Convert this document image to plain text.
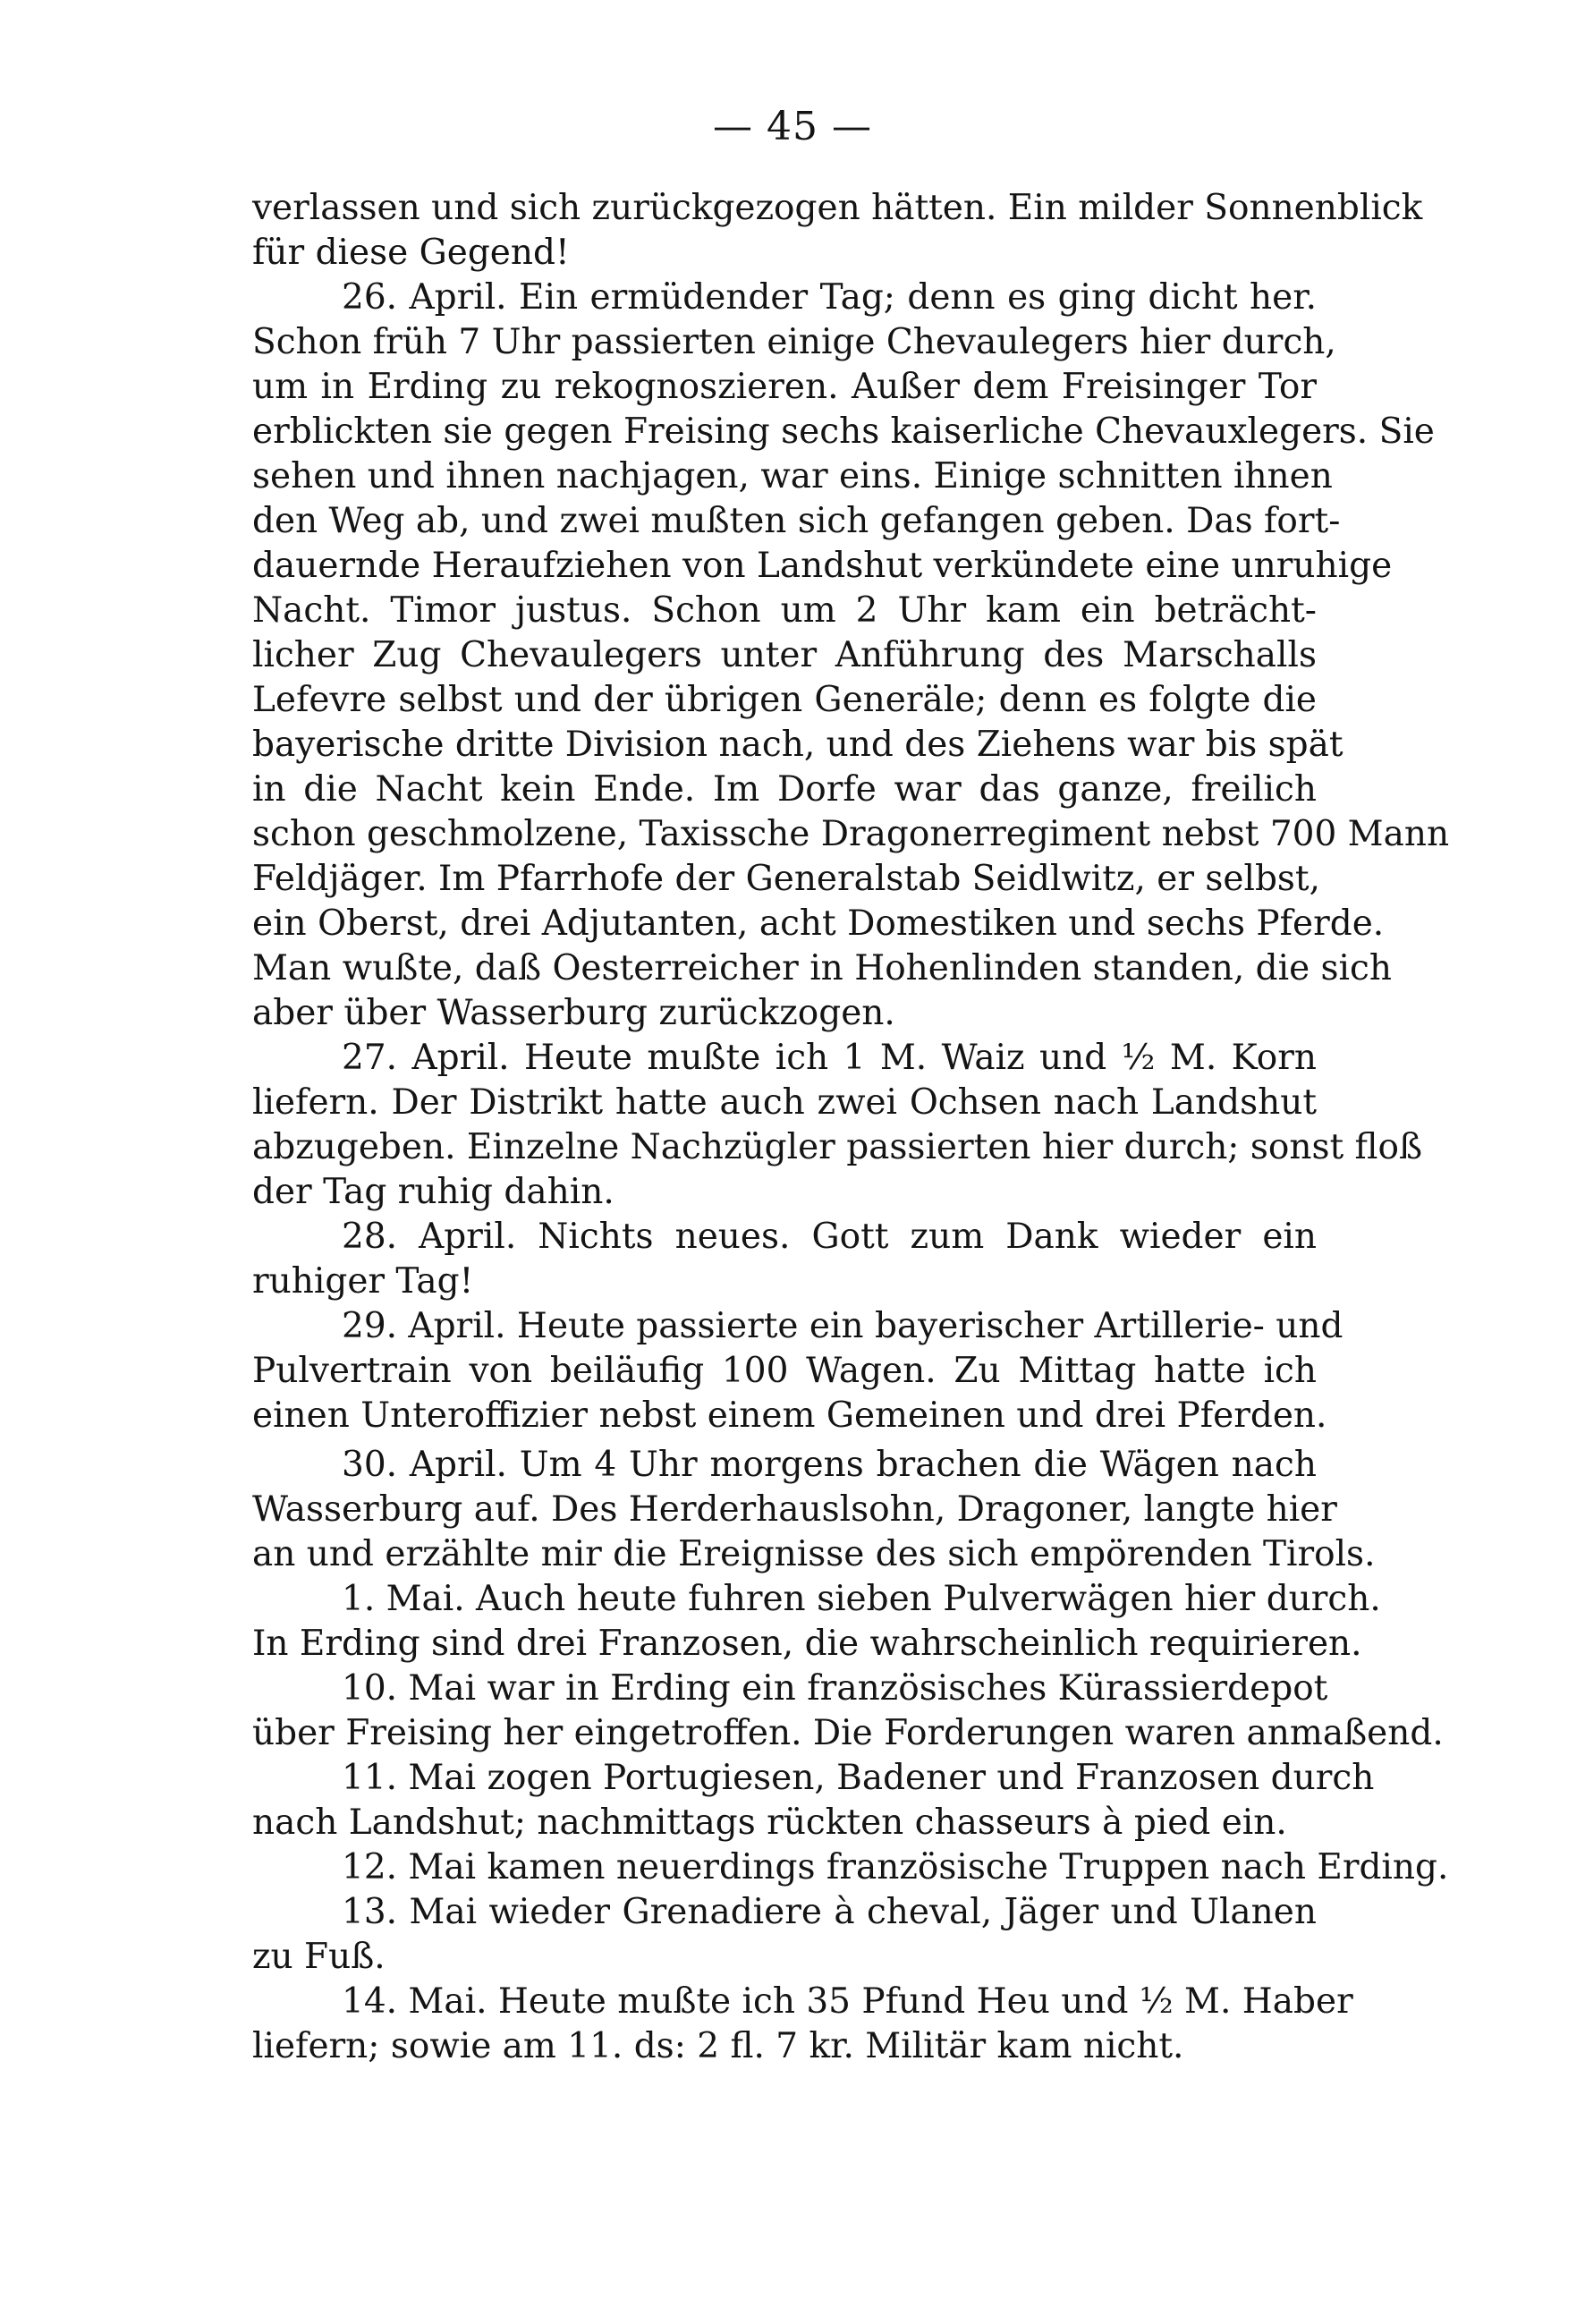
— 45 —
verlassen und sich zurückgezogen hätten. Ein milder Sonnenblick
für diese Gegend!
26. April. Ein ermüdender Tag; denn es ging dicht her.
Schon früh 7 Uhr passierten einige Chevaulegers hier durch,
um in Erding zu rekognoszieren. Außer dem Freisinger Tor
erblickten sie gegen Freising sechs kaiserliche Chevauxlegers. Sie
sehen und ihnen nachjagen, war eins. Einige schnitten ihnen
den Weg ab, und zwei mußten sich gefangen geben. Das fort-
dauernde Heraufziehen von Landshut verkündete eine unruhige
Nacht. Timor justus. Schon um 2 Uhr kam ein beträcht-
licher Zug Chevaulegers unter Anführung des Marschalls
Lefevre selbst und der übrigen Generäle; denn es folgte die
bayerische dritte Division nach, und des Ziehens war bis spät
in die Nacht kein Ende. Im Dorfe war das ganze, freilich
schon geschmolzene, Taxissche Dragonerregiment nebst 700 Mann
Feldjäger. Im Pfarrhofe der Generalstab Seidlwitz, er selbst,
ein Oberst, drei Adjutanten, acht Domestiken und sechs Pferde.
Man wußte, daß Oesterreicher in Hohenlinden standen, die sich
aber über Wasserburg zurückzogen.
27. April. Heute mußte ich 1 M. Waiz und ½ M. Korn
liefern. Der Distrikt hatte auch zwei Ochsen nach Landshut
abzugeben. Einzelne Nachzügler passierten hier durch; sonst floß
der Tag ruhig dahin.
28. April. Nichts neues. Gott zum Dank wieder ein
ruhiger Tag!
29. April. Heute passierte ein bayerischer Artillerie- und
Pulvertrain von beiläufig 100 Wagen. Zu Mittag hatte ich
einen Unteroffizier nebst einem Gemeinen und drei Pferden.
30. April. Um 4 Uhr morgens brachen die Wägen nach
Wasserburg auf. Des Herderhauslsohn, Dragoner, langte hier
an und erzählte mir die Ereignisse des sich empörenden Tirols.
1. Mai. Auch heute fuhren sieben Pulverwägen hier durch.
In Erding sind drei Franzosen, die wahrscheinlich requirieren.
10. Mai war in Erding ein französisches Kürassierdepot
über Freising her eingetroffen. Die Forderungen waren anmaßend.
11. Mai zogen Portugiesen, Badener und Franzosen durch
nach Landshut; nachmittags rückten chasseurs à pied ein.
12. Mai kamen neuerdings französische Truppen nach Erding.
13. Mai wieder Grenadiere à cheval, Jäger und Ulanen
zu Fuß.
14. Mai. Heute mußte ich 35 Pfund Heu und ½ M. Haber
liefern; sowie am 11. ds: 2 fl. 7 kr. Militär kam nicht.
